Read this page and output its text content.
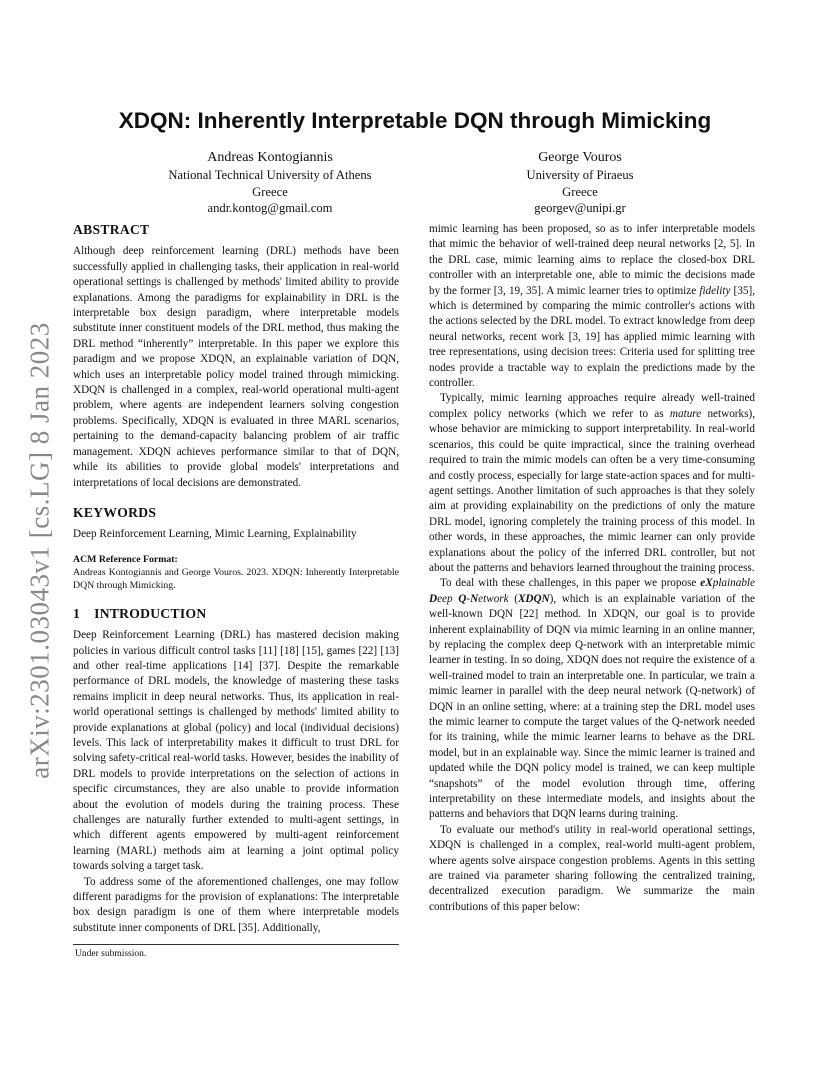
arXiv:2301.03043v1 [cs.LG] 8 Jan 2023
XDQN: Inherently Interpretable DQN through Mimicking
Andreas Kontogiannis
National Technical University of Athens
Greece
andr.kontog@gmail.com
George Vouros
University of Piraeus
Greece
georgev@unipi.gr
ABSTRACT

Although deep reinforcement learning (DRL) methods have been successfully applied in challenging tasks, their application in real-world operational settings is challenged by methods' limited ability to provide explanations. Among the paradigms for explainability in DRL is the interpretable box design paradigm, where interpretable models substitute inner constituent models of the DRL method, thus making the DRL method “inherently” interpretable. In this paper we explore this paradigm and we propose XDQN, an explainable variation of DQN, which uses an interpretable policy model trained through mimicking. XDQN is challenged in a complex, real-world operational multi-agent problem, where agents are independent learners solving congestion problems. Specifically, XDQN is evaluated in three MARL scenarios, pertaining to the demand-capacity balancing problem of air traffic management. XDQN achieves performance similar to that of DQN, while its abilities to provide global models' interpretations and interpretations of local decisions are demonstrated.

KEYWORDS

Deep Reinforcement Learning, Mimic Learning, Explainability

ACM Reference Format:

Andreas Kontogiannis and George Vouros. 2023. XDQN: Inherently Interpretable DQN through Mimicking.

1 INTRODUCTION

Deep Reinforcement Learning (DRL) has mastered decision making policies in various difficult control tasks [11] [18] [15], games [22] [13] and other real-time applications [14] [37]. Despite the remarkable performance of DRL models, the knowledge of mastering these tasks remains implicit in deep neural networks. Thus, its application in real-world operational settings is challenged by methods' limited ability to provide explanations at global (policy) and local (individual decisions) levels. This lack of interpretability makes it difficult to trust DRL for solving safety-critical real-world tasks. However, besides the inability of DRL models to provide interpretations on the selection of actions in specific circumstances, they are also unable to provide information about the evolution of models during the training process. These challenges are naturally further extended to multi-agent settings, in which different agents empowered by multi-agent reinforcement learning (MARL) methods aim at learning a joint optimal policy towards solving a target task.

To address some of the aforementioned challenges, one may follow different paradigms for the provision of explanations: The interpretable box design paradigm is one of them where interpretable models substitute inner components of DRL [35]. Additionally,

mimic learning has been proposed, so as to infer interpretable models that mimic the behavior of well-trained deep neural networks [2, 5]. In the DRL case, mimic learning aims to replace the closed-box DRL controller with an interpretable one, able to mimic the decisions made by the former [3, 19, 35]. A mimic learner tries to optimize fidelity [35], which is determined by comparing the mimic controller's actions with the actions selected by the DRL model. To extract knowledge from deep neural networks, recent work [3, 19] has applied mimic learning with tree representations, using decision trees: Criteria used for splitting tree nodes provide a tractable way to explain the predictions made by the controller.

Typically, mimic learning approaches require already well-trained complex policy networks (which we refer to as mature networks), whose behavior are mimicking to support interpretability. In real-world scenarios, this could be quite impractical, since the training overhead required to train the mimic models can often be a very time-consuming and costly process, especially for large state-action spaces and for multi-agent settings. Another limitation of such approaches is that they solely aim at providing explainability on the predictions of only the mature DRL model, ignoring completely the training process of this model. In other words, in these approaches, the mimic learner can only provide explanations about the policy of the inferred DRL controller, but not about the patterns and behaviors learned throughout the training process.

To deal with these challenges, in this paper we propose eXplainable Deep Q-Network (XDQN), which is an explainable variation of the well-known DQN [22] method. In XDQN, our goal is to provide inherent explainability of DQN via mimic learning in an online manner, by replacing the complex deep Q-network with an interpretable mimic learner in testing. In so doing, XDQN does not require the existence of a well-trained model to train an interpretable one. In particular, we train a mimic learner in parallel with the deep neural network (Q-network) of DQN in an online setting, where: at a training step the DRL model uses the mimic learner to compute the target values of the Q-network needed for its training, while the mimic learner learns to behave as the DRL model, but in an explainable way. Since the mimic learner is trained and updated while the DQN policy model is trained, we can keep multiple “snapshots” of the model evolution through time, offering interpretability on these intermediate models, and insights about the patterns and behaviors that DQN learns during training.

To evaluate our method's utility in real-world operational settings, XDQN is challenged in a complex, real-world multi-agent problem, where agents solve airspace congestion problems. Agents in this setting are trained via parameter sharing following the centralized training, decentralized execution paradigm. We summarize the main contributions of this paper below:

Under submission.
